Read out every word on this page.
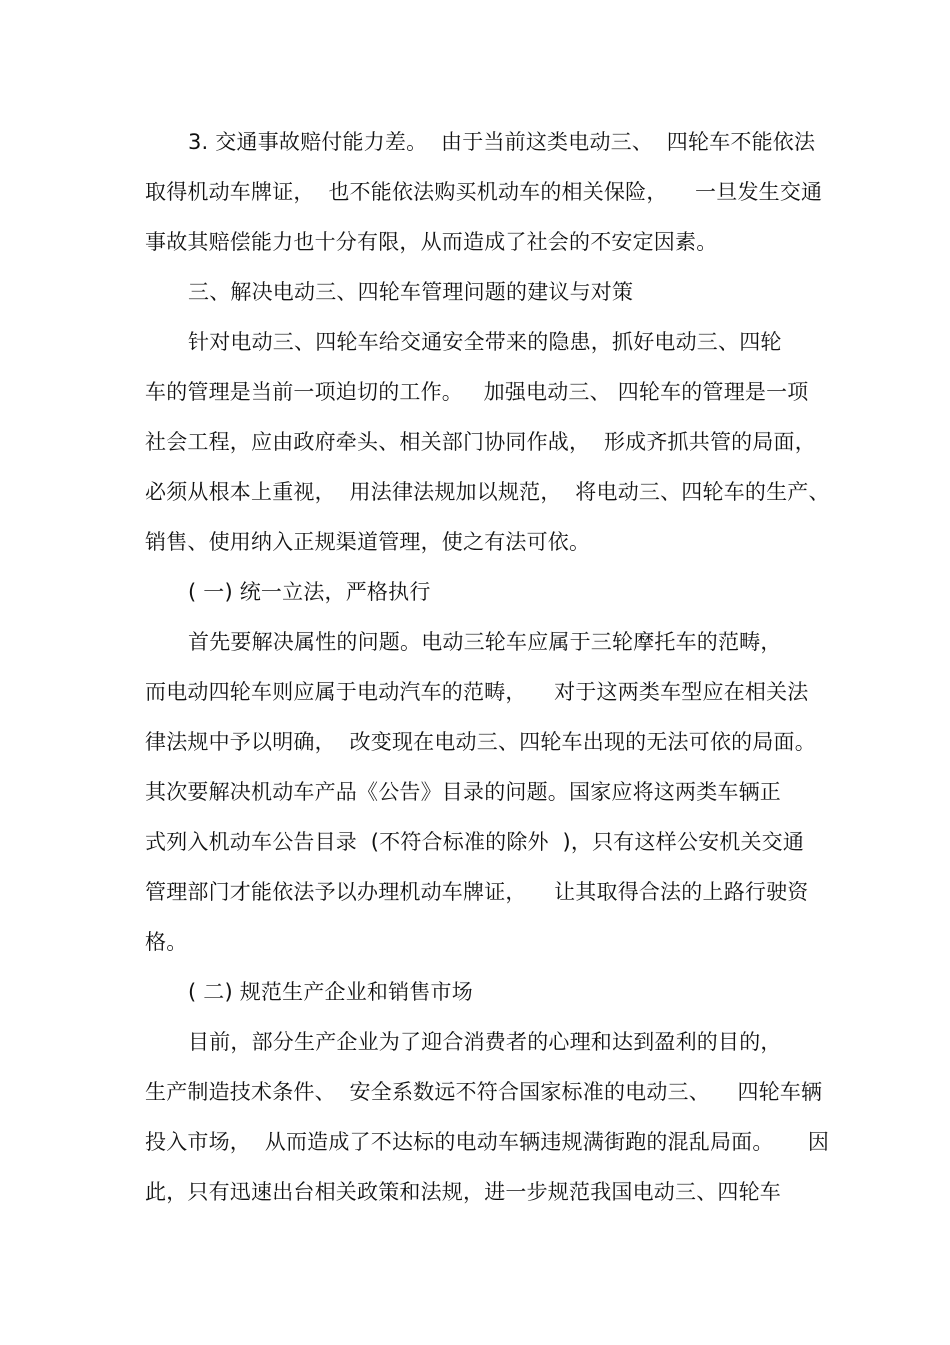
3. 交通事故赔付能力差。  由于当前这类电动三、  四轮车不能依法
取得机动车牌证，  也不能依法购买机动车的相关保险，    一旦发生交通
事故其赔偿能力也十分有限，从而造成了社会的不安定因素。
三、解决电动三、四轮车管理问题的建议与对策
针对电动三、四轮车给交通安全带来的隐患，抓好电动三、四轮
车的管理是当前一项迫切的工作。   加强电动三、 四轮车的管理是一项
社会工程，应由政府牵头、相关部门协同作战，  形成齐抓共管的局面，
必须从根本上重视，  用法律法规加以规范，  将电动三、四轮车的生产、
销售、使用纳入正规渠道管理，使之有法可依。
( 一) 统一立法，严格执行
首先要解决属性的问题。电动三轮车应属于三轮摩托车的范畴，
而电动四轮车则应属于电动汽车的范畴，    对于这两类车型应在相关法
律法规中予以明确，  改变现在电动三、四轮车出现的无法可依的局面。
其次要解决机动车产品《公告》目录的问题。国家应将这两类车辆正
式列入机动车公告目录  (不符合标准的除外  )，只有这样公安机关交通
管理部门才能依法予以办理机动车牌证，    让其取得合法的上路行驶资
格。
( 二) 规范生产企业和销售市场
目前，部分生产企业为了迎合消费者的心理和达到盈利的目的，
生产制造技术条件、  安全系数远不符合国家标准的电动三、    四轮车辆
投入市场，  从而造成了不达标的电动车辆违规满街跑的混乱局面。     因
此，只有迅速出台相关政策和法规，进一步规范我国电动三、四轮车
